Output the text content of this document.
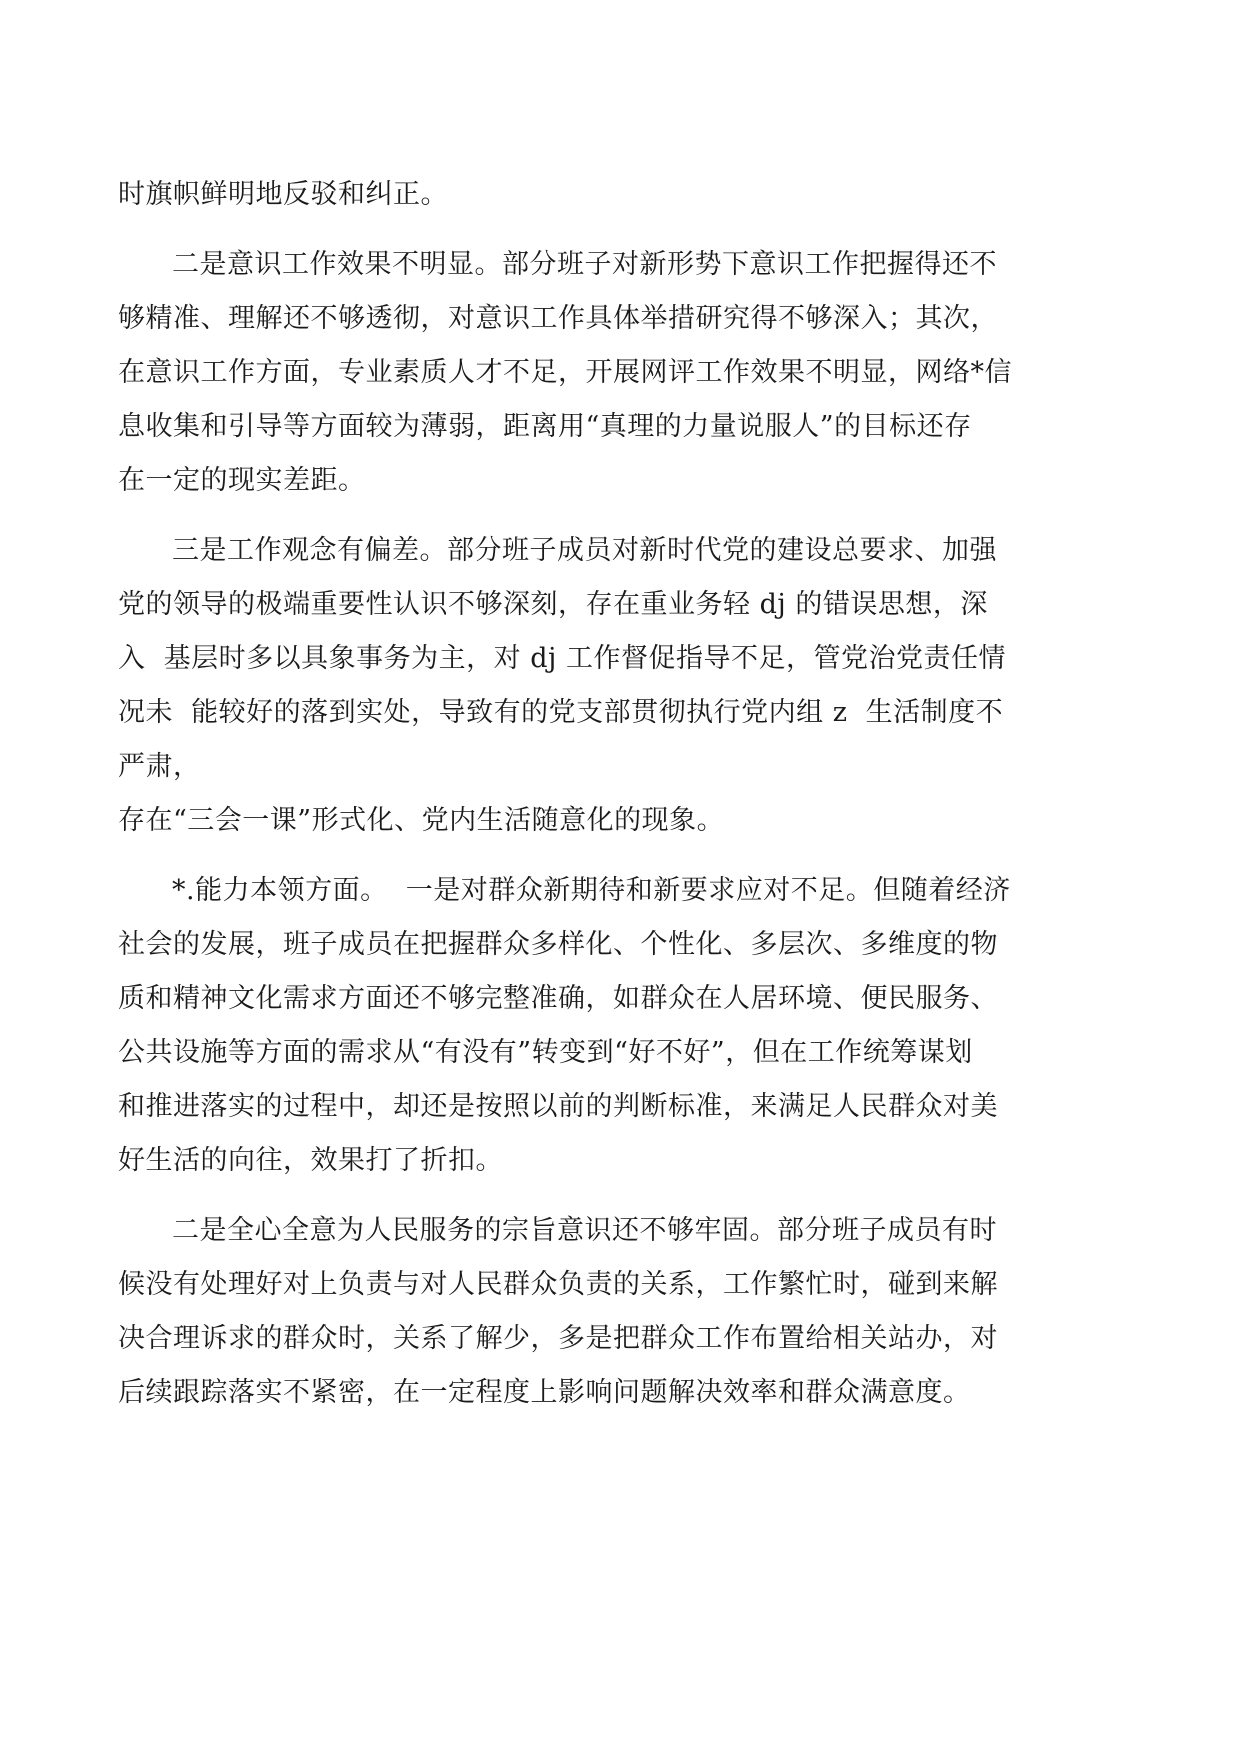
时旗帜鲜明地反驳和纠正。

二是意识工作效果不明显。部分班子对新形势下意识工作把握得还不
够精准、理解还不够透彻，对意识工作具体举措研究得不够深入；其次，
在意识工作方面，专业素质人才不足，开展网评工作效果不明显，网络*信
息收集和引导等方面较为薄弱，距离用“真理的力量说服人”的目标还存
在一定的现实差距。

三是工作观念有偏差。部分班子成员对新时代党的建设总要求、加强
党的领导的极端重要性认识不够深刻，存在重业务轻 dj 的错误思想，深
入  基层时多以具象事务为主，对 dj 工作督促指导不足，管党治党责任情
况未  能较好的落到实处，导致有的党支部贯彻执行党内组 z  生活制度不
严肃，
存在“三会一课”形式化、党内生活随意化的现象。

*.能力本领方面。  一是对群众新期待和新要求应对不足。但随着经济
社会的发展，班子成员在把握群众多样化、个性化、多层次、多维度的物
质和精神文化需求方面还不够完整准确，如群众在人居环境、便民服务、
公共设施等方面的需求从“有没有”转变到“好不好”，但在工作统筹谋划
和推进落实的过程中，却还是按照以前的判断标准，来满足人民群众对美
好生活的向往，效果打了折扣。

二是全心全意为人民服务的宗旨意识还不够牢固。部分班子成员有时
候没有处理好对上负责与对人民群众负责的关系，工作繁忙时，碰到来解
决合理诉求的群众时，关系了解少，多是把群众工作布置给相关站办，对
后续跟踪落实不紧密，在一定程度上影响问题解决效率和群众满意度。
